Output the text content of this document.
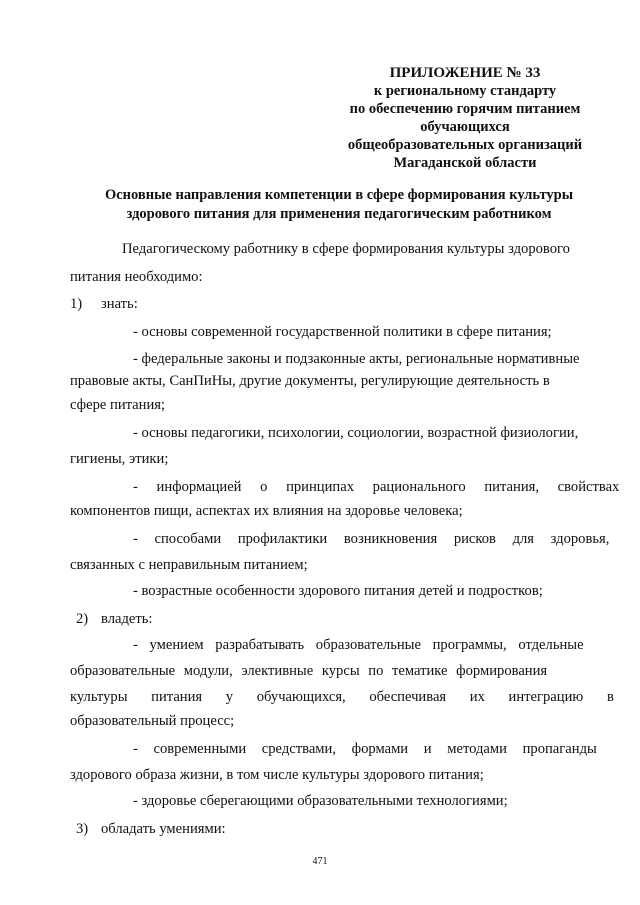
ПРИЛОЖЕНИЕ № 33
к региональному стандарту
по обеспечению горячим питанием
обучающихся
общеобразовательных организаций
Магаданской области
Основные направления компетенции в сфере формирования культуры
здорового питания для применения педагогическим работником
Педагогическому работнику в сфере формирования культуры здорового
питания необходимо:
1) знать:
- основы современной государственной политики в сфере питания;
- федеральные законы и подзаконные акты, региональные нормативные
правовые акты, СанПиНы, другие документы, регулирующие деятельность в
сфере питания;
- основы педагогики, психологии, социологии, возрастной физиологии,
гигиены, этики;
- информацией о принципах рационального питания, свойствах
компонентов пищи, аспектах их влияния на здоровье человека;
- способами профилактики возникновения рисков для здоровья,
связанных с неправильным питанием;
- возрастные особенности здорового питания детей и подростков;
2) владеть:
- умением разрабатывать образовательные программы, отдельные
образовательные модули, элективные курсы по тематике формирования
культуры питания у обучающихся, обеспечивая их интеграцию в
образовательный процесс;
- современными средствами, формами и методами пропаганды
здорового образа жизни, в том числе культуры здорового питания;
- здоровье сберегающими образовательными технологиями;
3) обладать умениями:
471
